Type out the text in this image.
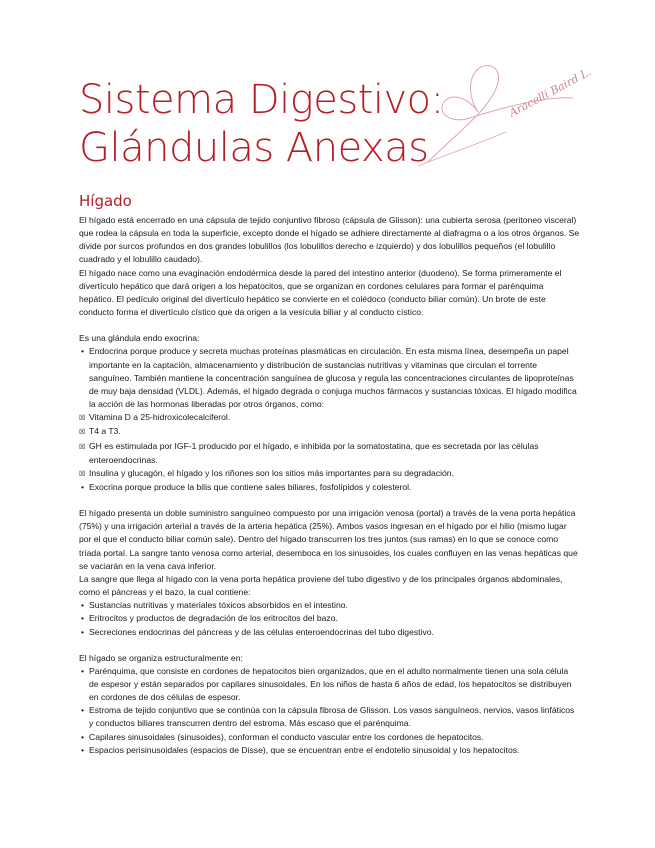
Sistema Digestivo:
Glándulas Anexas
Aracelli Baird L.
Hígado

El hígado está encerrado en una cápsula de tejido conjuntivo fibroso (cápsula de Glisson): una cubierta serosa (peritoneo visceral) que rodea la cápsula en toda la superficie, excepto donde el hígado se adhiere directamente al diafragma o a los otros órganos. Se divide por surcos profundos en dos grandes lobulillos (los lobulillos derecho e izquierdo) y dos lobulillos pequeños (el lobulillo cuadrado y el lobulillo caudado).

El hígado nace como una evaginación endodérmica desde la pared del intestino anterior (duodeno). Se forma primeramente el divertículo hepático que dará origen a los hepatocitos, que se organizan en cordones celulares para formar el parénquima hepático. El pedículo original del divertículo hepático se convierte en el colédoco (conducto biliar común). Un brote de este conducto forma el divertículo cístico que da origen a la vesícula biliar y al conducto cístico.

Es una glándula endo exocrina:

• Endocrina porque produce y secreta muchas proteínas plasmáticas en circulación. En esta misma línea, desempeña un papel importante en la captación, almacenamiento y distribución de sustancias nutritivas y vitaminas que circulan el torrente sanguíneo. También mantiene la concentración sanguínea de glucosa y regula las concentraciones circulantes de lipoproteínas de muy baja densidad (VLDL). Además, el hígado degrada o conjuga muchos fármacos y sustancias tóxicas. El hígado modifica la acción de las hormonas liberadas por otros órganos, como:

☒ Vitamina D a 25-hidroxicolecalciferol.

☒ T4 a T3.

☒ GH es estimulada por IGF-1 producido por el hígado, e inhibida por la somatostatina, que es secretada por las células enteroendocrinas.

☒ Insulina y glucagón, el hígado y los riñones son los sitios más importantes para su degradación.

• Exocrina porque produce la bilis que contiene sales biliares, fosfolípidos y colesterol.

El hígado presenta un doble suministro sanguíneo compuesto por una irrigación venosa (portal) a través de la vena porta hepática (75%) y una irrigación arterial a través de la arteria hepática (25%). Ambos vasos ingresan en el hígado por el hilio (mismo lugar por el que el conducto biliar común sale). Dentro del hígado transcurren los tres juntos (sus ramas) en lo que se conoce como tríada portal. La sangre tanto venosa como arterial, desemboca en los sinusoides, los cuales confluyen en las venas hepáticas que se vaciarán en la vena cava inferior.

La sangre que llega al hígado con la vena porta hepática proviene del tubo digestivo y de los principales órganos abdominales, como el páncreas y el bazo, la cual contiene:

• Sustancias nutritivas y materiales tóxicos absorbidos en el intestino.

• Eritrocitos y productos de degradación de los eritrocitos del bazo.

• Secreciones endocrinas del páncreas y de las células enteroendocrinas del tubo digestivo.

El hígado se organiza estructuralmente en:

• Parénquima, que consiste en cordones de hepatocitos bien organizados, que en el adulto normalmente tienen una sola célula de espesor y están separados por capilares sinusoidales. En los niños de hasta 6 años de edad, los hepatocitos se distribuyen en cordones de dos células de espesor.

• Estroma de tejido conjuntivo que se continúa con la cápsula fibrosa de Glisson. Los vasos sanguíneos, nervios, vasos linfáticos y conductos biliares transcurren dentro del estroma. Más escaso que el parénquima.

• Capilares sinusoidales (sinusoides), conforman el conducto vascular entre los cordones de hepatocitos.

• Espacios perisinusoidales (espacios de Disse), que se encuentran entre el endotelio sinusoidal y los hepatocitos.
